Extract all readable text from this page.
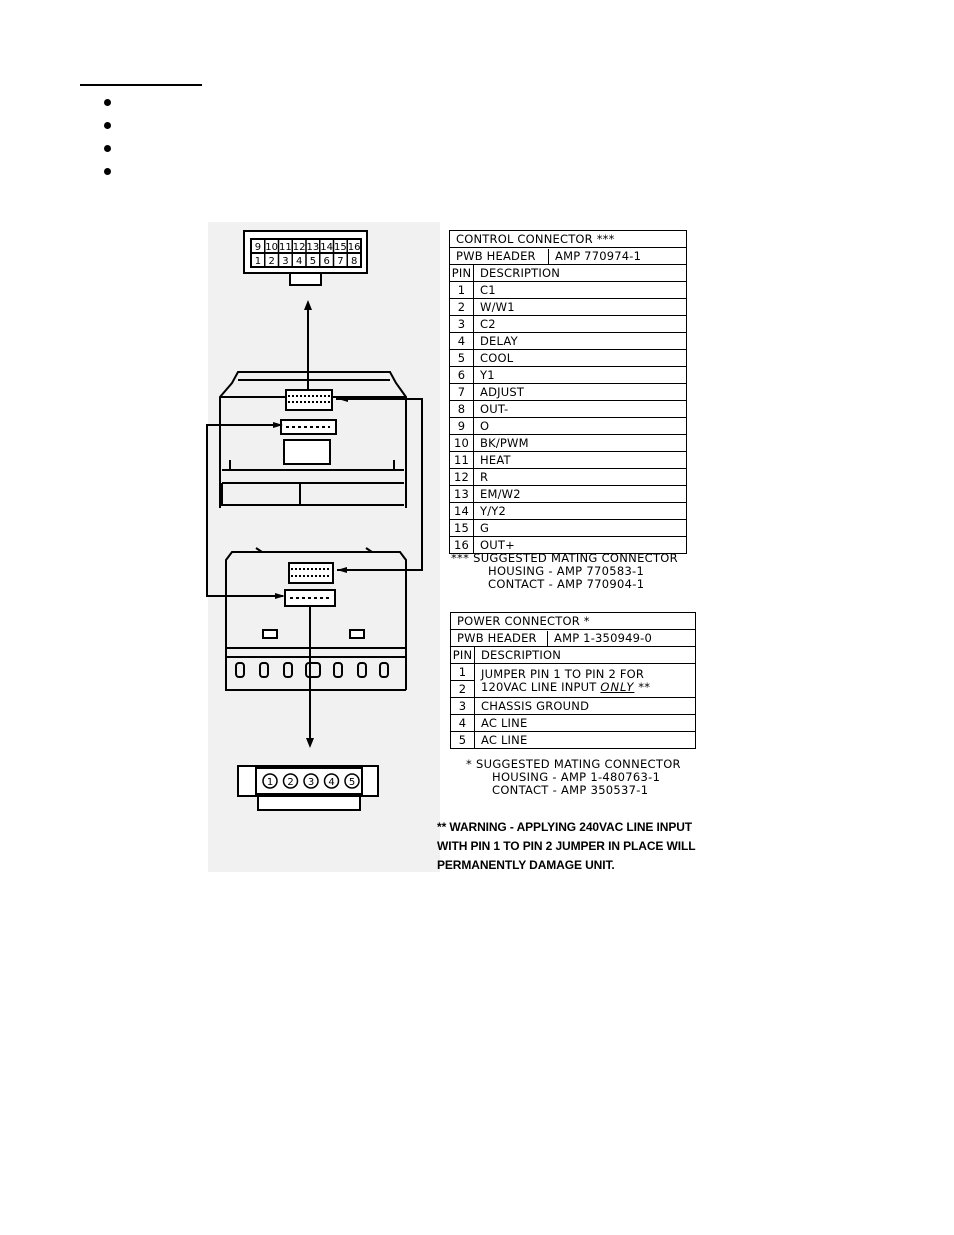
9 10 11 12 13 14 15 16
1 2 3 4 5 6 7 8
1 2 3 4 5
CONTROL CONNECTOR ***	

PWB HEADER AMP 770974-1	

PIN	DESCRIPTION
1	C1
2	W/W1
3	C2
4	DELAY
5	COOL
6	Y1
7	ADJUST
8	OUT-
9	O
10	BK/PWM
11	HEAT
12	R
13	EM/W2
14	Y/Y2
15	G
16	OUT+
*** SUGGESTED MATING CONNECTOR
HOUSING - AMP 770583-1
CONTACT - AMP 770904-1
POWER CONNECTOR *	

PWB HEADER AMP 1-350949-0	

PIN	DESCRIPTION
1	JUMPER PIN 1 TO PIN 2 FOR
120VAC LINE INPUT ONLY **

2	
3	CHASSIS GROUND
4	AC LINE
5	AC LINE
* SUGGESTED MATING CONNECTOR
HOUSING - AMP 1-480763-1
CONTACT - AMP 350537-1
** WARNING - APPLYING 240VAC LINE INPUT
WITH PIN 1 TO PIN 2 JUMPER IN PLACE WILL
PERMANENTLY DAMAGE UNIT.
